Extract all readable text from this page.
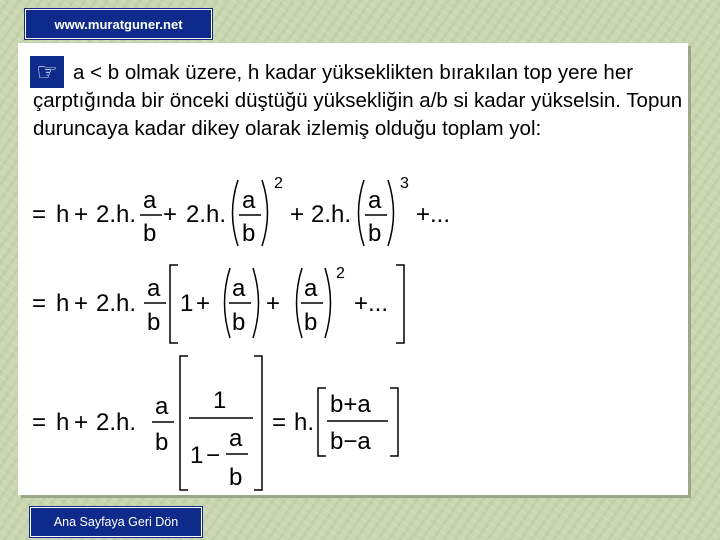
www.muratguner.net
☞ a < b olmak üzere, h kadar yükseklikten bırakılan top yere her çarptığında bir önceki düştüğü yüksekliğin a/b si kadar yükselsin. Topun duruncaya kadar dikey olarak izlemiş olduğu toplam yol:
= h + 2.h.
a
b
+ 2.h.
a
b
2
+ 2.h.
a
b
3
+...
= h + 2.h.
a
b
1 +
a
b
+
a
b
2
+...
= h + 2.h.
a
b
1
1 −
a
b
= h.
b+a
b−a
Ana Sayfaya Geri Dön
